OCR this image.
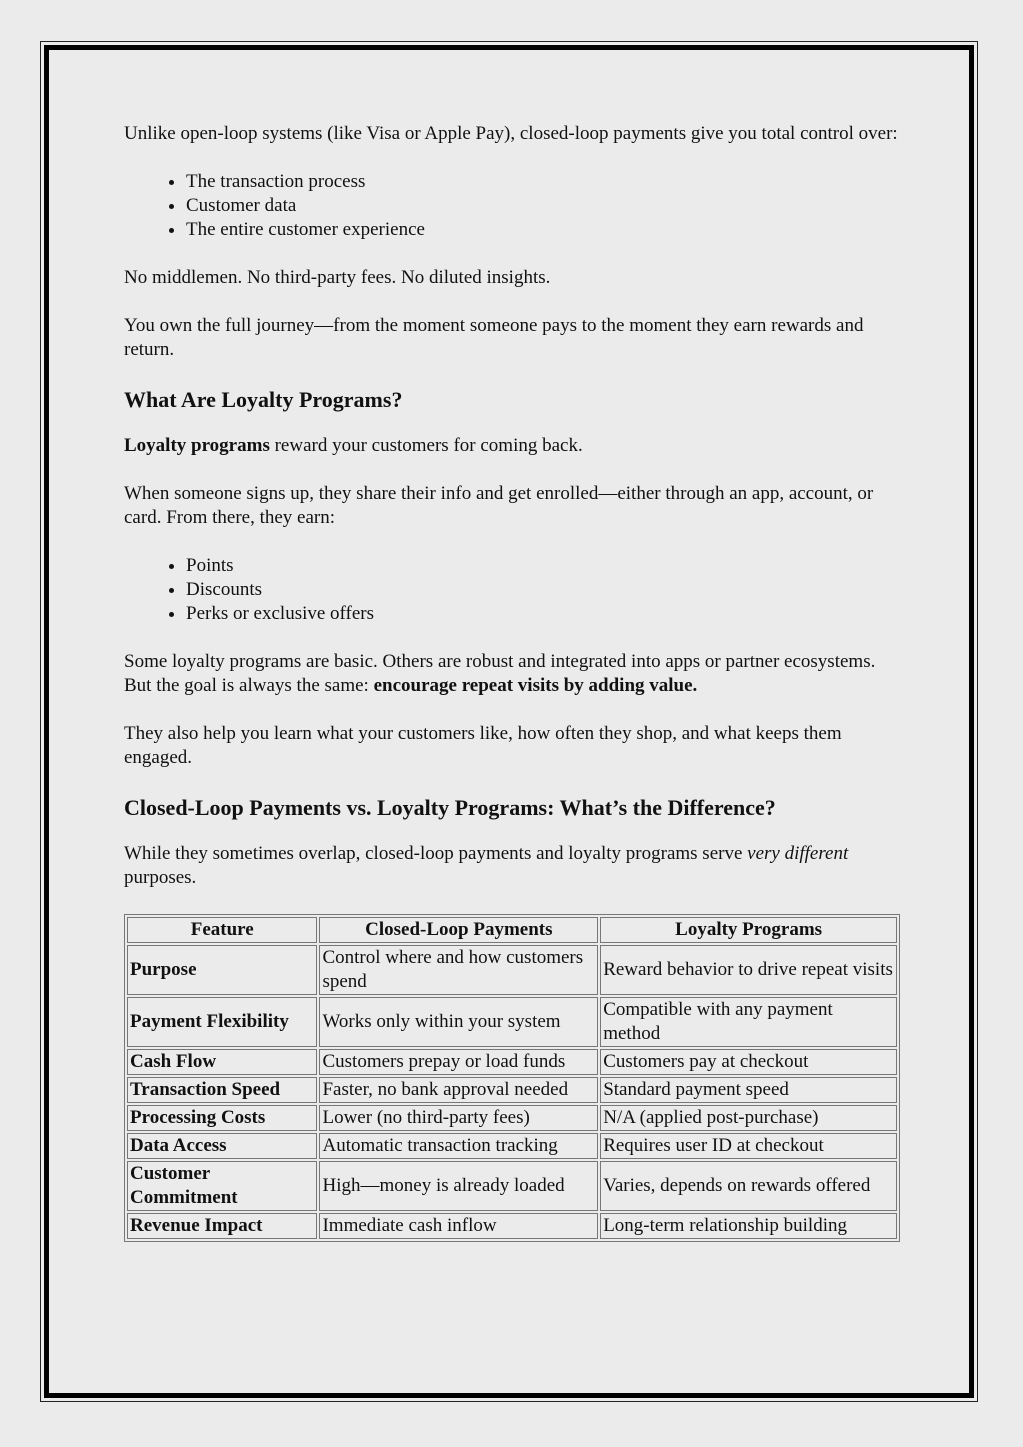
Unlike open-loop systems (like Visa or Apple Pay), closed-loop payments give you total control over:

• The transaction process
• Customer data
• The entire customer experience

No middlemen. No third-party fees. No diluted insights.

You own the full journey—from the moment someone pays to the moment they earn rewards and return.

What Are Loyalty Programs?

Loyalty programs reward your customers for coming back.

When someone signs up, they share their info and get enrolled—either through an app, account, or card. From there, they earn:

• Points
• Discounts
• Perks or exclusive offers

Some loyalty programs are basic. Others are robust and integrated into apps or partner ecosystems. But the goal is always the same: encourage repeat visits by adding value.

They also help you learn what your customers like, how often they shop, and what keeps them engaged.

Closed-Loop Payments vs. Loyalty Programs: What’s the Difference?

While they sometimes overlap, closed-loop payments and loyalty programs serve very different purposes.

Feature	Closed-Loop Payments	Loyalty Programs
Purpose	Control where and how customers spend	Reward behavior to drive repeat visits
Payment Flexibility	Works only within your system	Compatible with any payment method
Cash Flow	Customers prepay or load funds	Customers pay at checkout
Transaction Speed	Faster, no bank approval needed	Standard payment speed
Processing Costs	Lower (no third-party fees)	N/A (applied post-purchase)
Data Access	Automatic transaction tracking	Requires user ID at checkout
Customer Commitment	High—money is already loaded	Varies, depends on rewards offered
Revenue Impact	Immediate cash inflow	Long-term relationship building
